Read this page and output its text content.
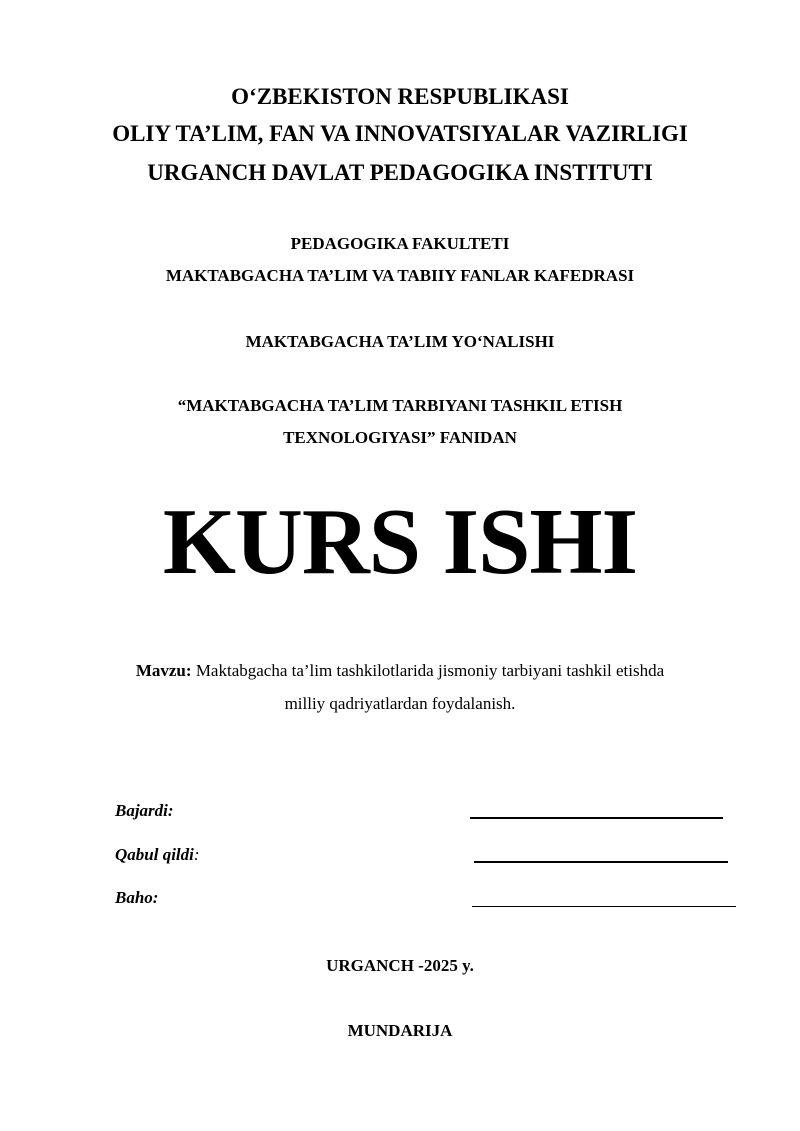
O‘ZBEKISTON RESPUBLIKASI
OLIY TA’LIM, FAN VA INNOVATSIYALAR VAZIRLIGI
URGANCH DAVLAT PEDAGOGIKA INSTITUTI
PEDAGOGIKA FAKULTETI
MAKTABGACHA TA’LIM VA TABIIY FANLAR KAFEDRASI
MAKTABGACHA TA’LIM YO‘NALISHI
“MAKTABGACHA TA’LIM TARBIYANI TASHKIL ETISH
TEXNOLOGIYASI” FANIDAN
KURS ISHI
Mavzu: Maktabgacha ta’lim tashkilotlarida jismoniy tarbiyani tashkil etishda
milliy qadriyatlardan foydalanish.
Bajardi:
Qabul qildi:
Baho:
URGANCH -2025 y.
MUNDARIJA
